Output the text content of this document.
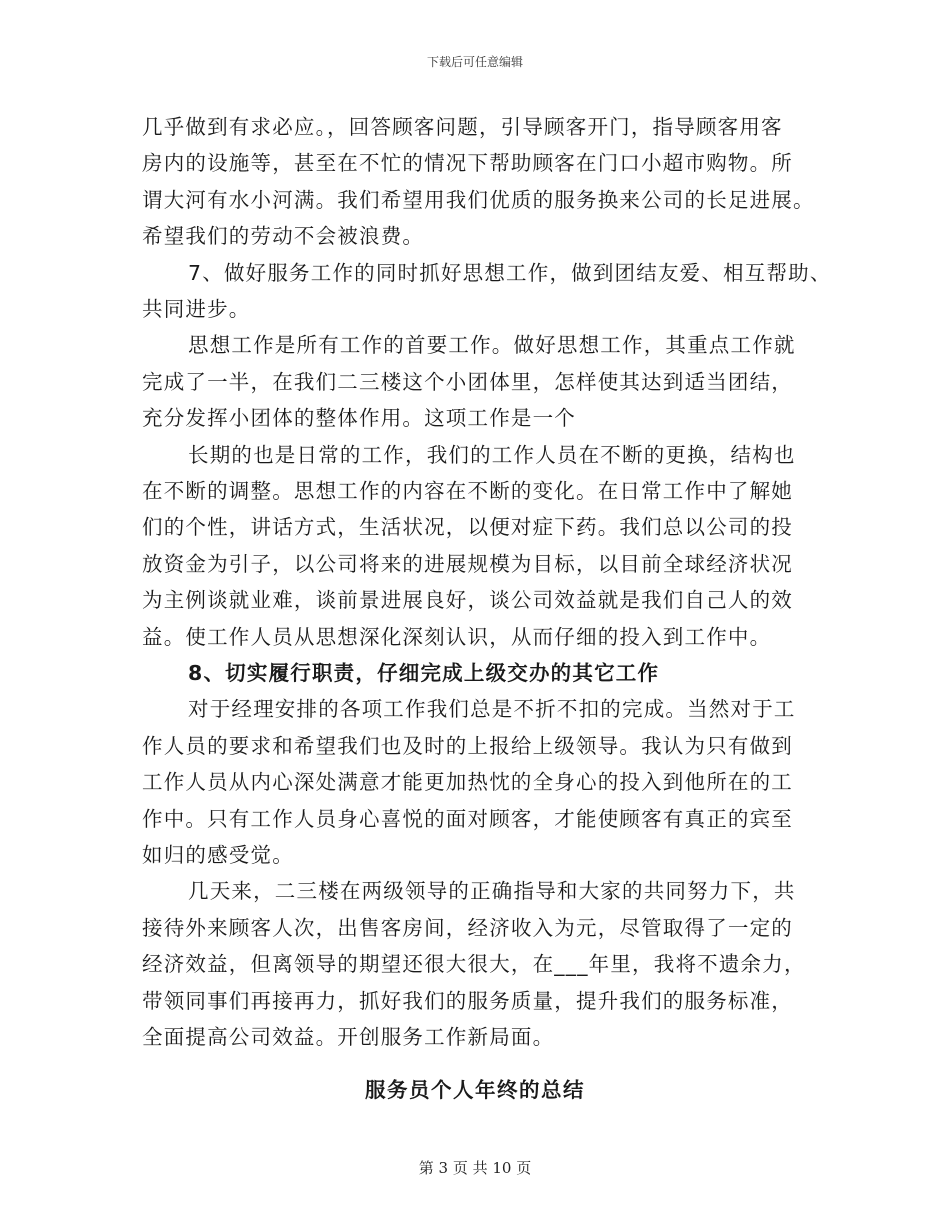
下载后可任意编辑
几乎做到有求必应。，回答顾客问题，引导顾客开门，指导顾客用客
房内的设施等，甚至在不忙的情况下帮助顾客在门口小超市购物。所
谓大河有水小河满。我们希望用我们优质的服务换来公司的长足进展。
希望我们的劳动不会被浪费。
7、做好服务工作的同时抓好思想工作，做到团结友爱、相互帮助、
共同进步。
思想工作是所有工作的首要工作。做好思想工作，其重点工作就
完成了一半，在我们二三楼这个小团体里，怎样使其达到适当团结，
充分发挥小团体的整体作用。这项工作是一个
长期的也是日常的工作，我们的工作人员在不断的更换，结构也
在不断的调整。思想工作的内容在不断的变化。在日常工作中了解她
们的个性，讲话方式，生活状况，以便对症下药。我们总以公司的投
放资金为引子，以公司将来的进展规模为目标，以目前全球经济状况
为主例谈就业难，谈前景进展良好，谈公司效益就是我们自己人的效
益。使工作人员从思想深化深刻认识，从而仔细的投入到工作中。
8、切实履行职责，仔细完成上级交办的其它工作
对于经理安排的各项工作我们总是不折不扣的完成。当然对于工
作人员的要求和希望我们也及时的上报给上级领导。我认为只有做到
工作人员从内心深处满意才能更加热忱的全身心的投入到他所在的工
作中。只有工作人员身心喜悦的面对顾客，才能使顾客有真正的宾至
如归的感受觉。
几天来，二三楼在两级领导的正确指导和大家的共同努力下，共
接待外来顾客人次，出售客房间，经济收入为元，尽管取得了一定的
经济效益，但离领导的期望还很大很大，在___年里，我将不遗余力，
带领同事们再接再力，抓好我们的服务质量，提升我们的服务标准，
全面提高公司效益。开创服务工作新局面。
服务员个人年终的总结
第 3 页 共 10 页
